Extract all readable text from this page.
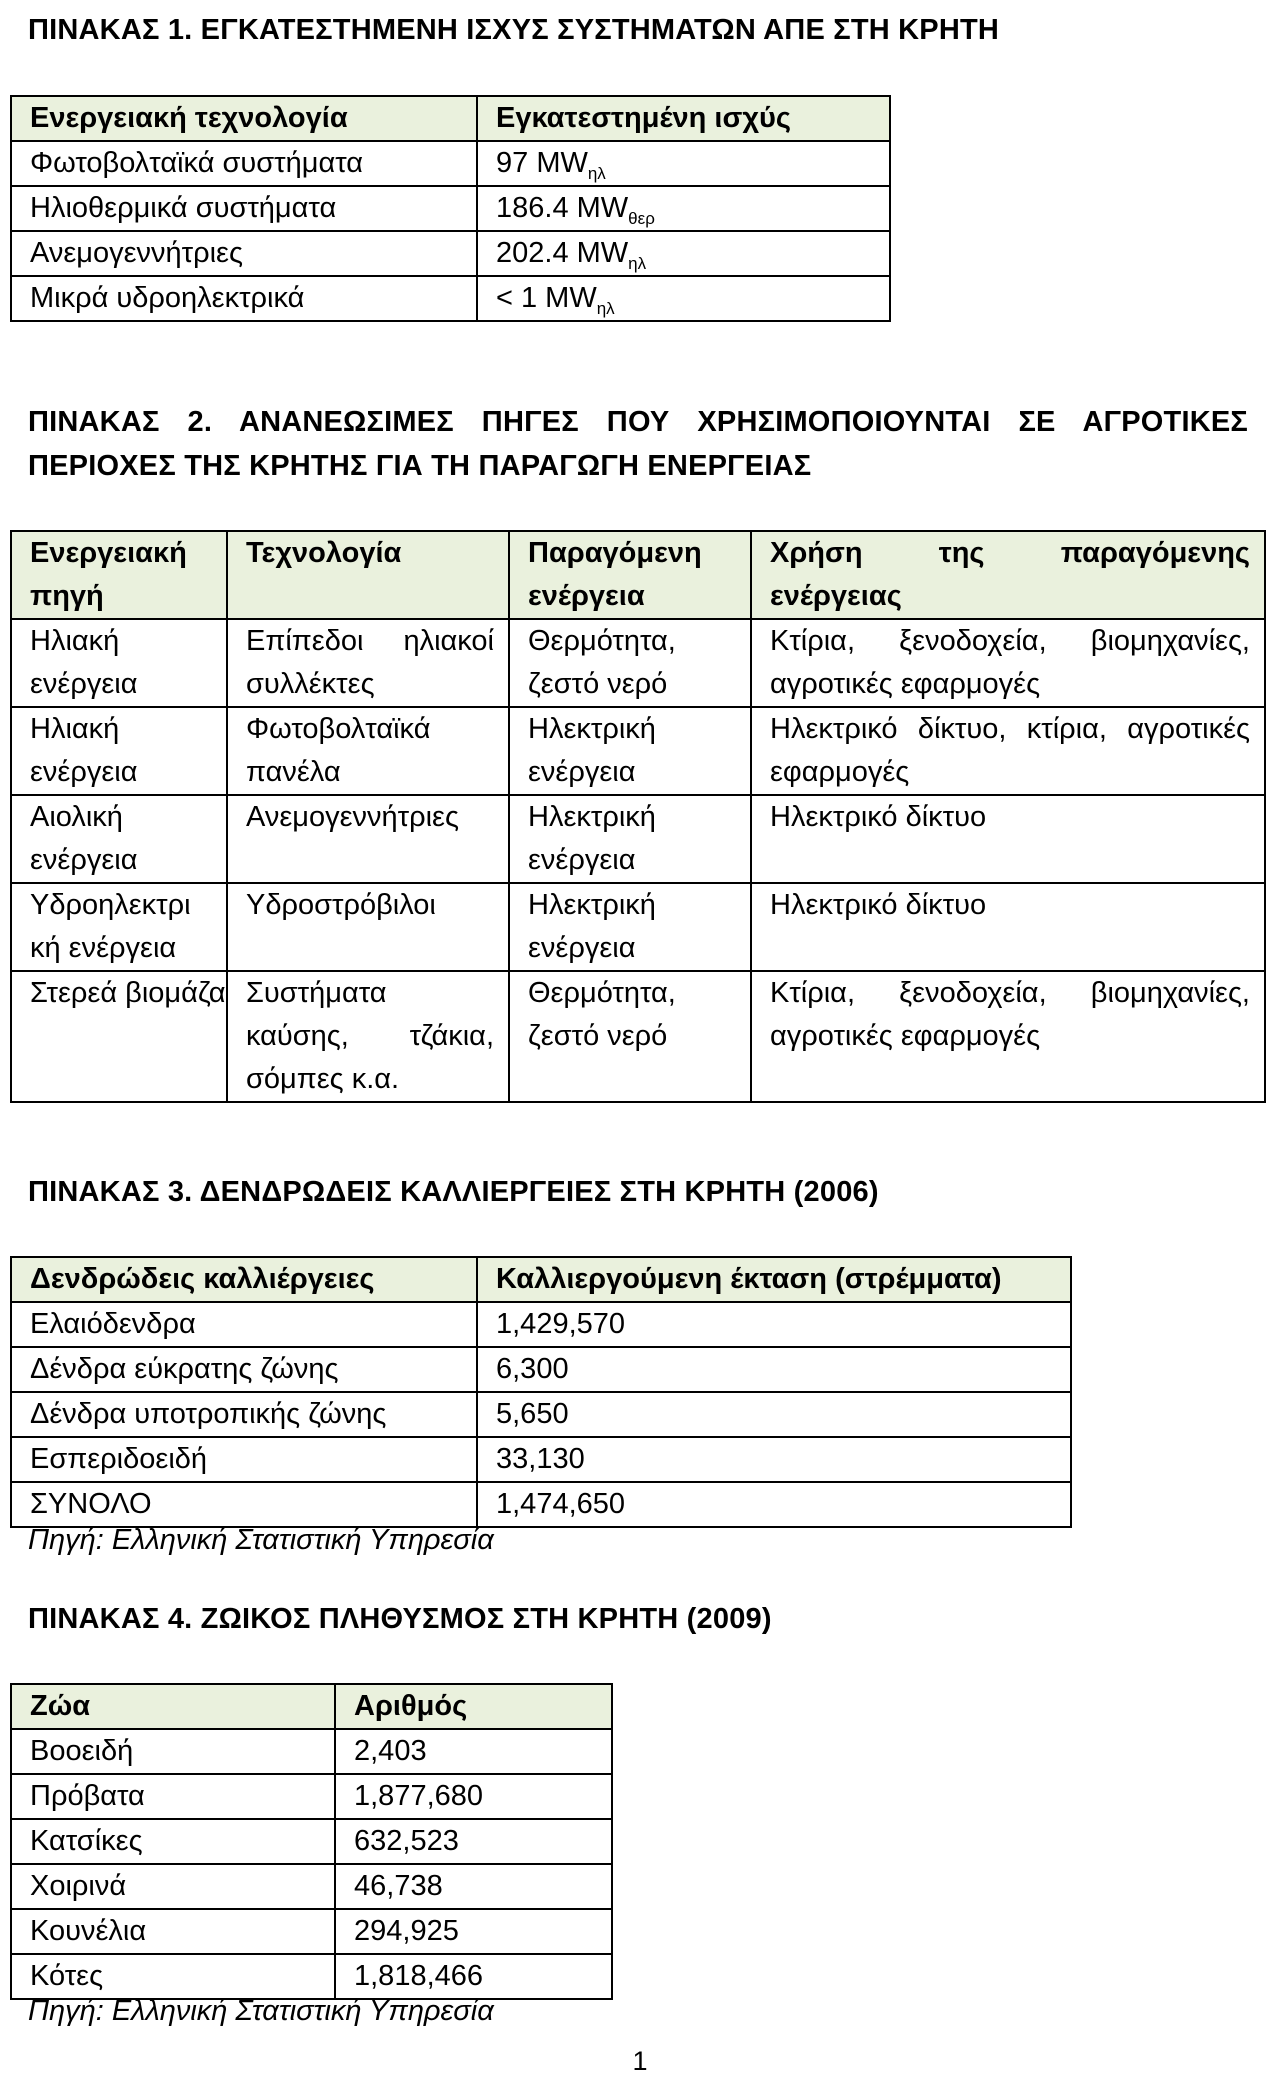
ΠΙΝΑΚΑΣ 1. ΕΓΚΑΤΕΣΤΗΜΕΝΗ ΙΣΧΥΣ ΣΥΣΤΗΜΑΤΩΝ ΑΠΕ ΣΤΗ ΚΡΗΤΗ
Ενεργειακή τεχνολογία	Εγκατεστημένη ισχύς
Φωτοβολταϊκά συστήματα	97 $MW_{\eta\lambda}$
Ηλιοθερμικά συστήματα	186.4 $MW_{\theta\varepsilon\rho}$
Ανεμογεννήτριες	202.4 $MW_{\eta\lambda}$
Μικρά υδροηλεκτρικά	< 1 $MW_{\eta\lambda}$
ΠΙΝΑΚΑΣ 2. ΑΝΑΝΕΩΣΙΜΕΣ ΠΗΓΕΣ ΠΟΥ ΧΡΗΣΙΜΟΠΟΙΟΥΝΤΑΙ ΣΕ ΑΓΡΟΤΙΚΕΣ ΠΕΡΙΟΧΕΣ ΤΗΣ ΚΡΗΤΗΣ ΓΙΑ ΤΗ ΠΑΡΑΓΩΓΗ ΕΝΕΡΓΕΙΑΣ
Ενεργειακή πηγή	Τεχνολογία	Παραγόμενη ενέργεια	Χρήση της παραγόμενης ενέργειας
Ηλιακή ενέργεια	Επίπεδοι ηλιακοί συλλέκτες	Θερμότητα, ζεστό νερό	Κτίρια, ξενοδοχεία, βιομηχανίες, αγροτικές εφαρμογές
Ηλιακή ενέργεια	Φωτοβολταϊκά πανέλα	Ηλεκτρική ενέργεια	Ηλεκτρικό δίκτυο, κτίρια, αγροτικές εφαρμογές
Αιολική ενέργεια	Ανεμογεννήτριες	Ηλεκτρική ενέργεια	Ηλεκτρικό δίκτυο
Υδροηλεκτρι κή ενέργεια	Υδροστρόβιλοι	Ηλεκτρική ενέργεια	Ηλεκτρικό δίκτυο
Στερεά βιομάζα	Συστήματα καύσης, τζάκια, σόμπες κ.α.	Θερμότητα, ζεστό νερό	Κτίρια, ξενοδοχεία, βιομηχανίες, αγροτικές εφαρμογές
ΠΙΝΑΚΑΣ 3. ΔΕΝΔΡΩΔΕΙΣ ΚΑΛΛΙΕΡΓΕΙΕΣ ΣΤΗ ΚΡΗΤΗ (2006)
Δενδρώδεις καλλιέργειες	Καλλιεργούμενη έκταση (στρέμματα)
Ελαιόδενδρα	1,429,570
Δένδρα εύκρατης ζώνης	6,300
Δένδρα υποτροπικής ζώνης	5,650
Εσπεριδοειδή	33,130
ΣΥΝΟΛΟ	1,474,650
Πηγή: Ελληνική Στατιστική Υπηρεσία
ΠΙΝΑΚΑΣ 4. ΖΩΙΚΟΣ ΠΛΗΘΥΣΜΟΣ ΣΤΗ ΚΡΗΤΗ (2009)
Ζώα	Αριθμός
Βοοειδή	2,403
Πρόβατα	1,877,680
Κατσίκες	632,523
Χοιρινά	46,738
Κουνέλια	294,925
Κότες	1,818,466
Πηγή: Ελληνική Στατιστική Υπηρεσία
1
